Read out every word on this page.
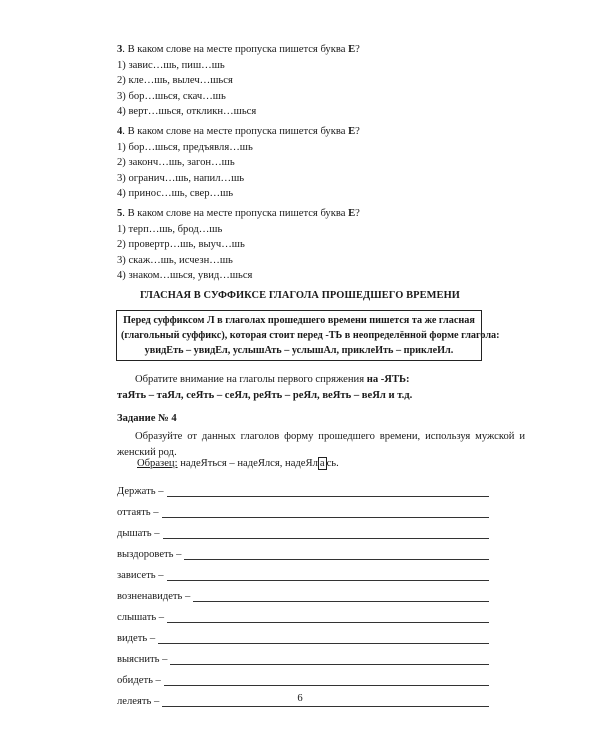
3. В каком слове на месте пропуска пишется буква Е?
1) завис…шь, пиш…шь
2) кле…шь, вылеч…шься
3) бор…шься, скач…шь
4) верт…шься, откликн…шься
4. В каком слове на месте пропуска пишется буква Е?
1) бор…шься, предъявля…шь
2) законч…шь, загон…шь
3) огранич…шь, напил…шь
4) принос…шь, свер…шь
5. В каком слове на месте пропуска пишется буква Е?
1) терп…шь, брод…шь
2) провертр…шь, выуч…шь
3) скаж…шь, исчезн…шь
4) знаком…шься, увид…шься
ГЛАСНАЯ В СУФФИКСЕ ГЛАГОЛА ПРОШЕДШЕГО ВРЕМЕНИ
Перед суффиксом Л в глаголах прошедшего времени пишется та же гласная
(глагольный суффикс), которая стоит перед -ТЬ в неопределённой форме глагола:
увидЕть – увидЕл, услышАть – услышАл, приклеИть – приклеИл.
Обратите внимание на глаголы первого спряжения на -ЯТЬ:
таЯть – таЯл, сеЯть – сеЯл, реЯть – реЯл, веЯть – веЯл и т.д.
Задание № 4
Образуйте от данных глаголов форму прошедшего времени, используя мужской и женский род.
Образец: надеЯться – надеЯлся, надеЯл а сь.
Держать –
оттаять –
дышать –
выздороветь –
зависеть –
возненавидеть –
слышать –
видеть –
выяснить –
обидеть –
лелеять –	6
